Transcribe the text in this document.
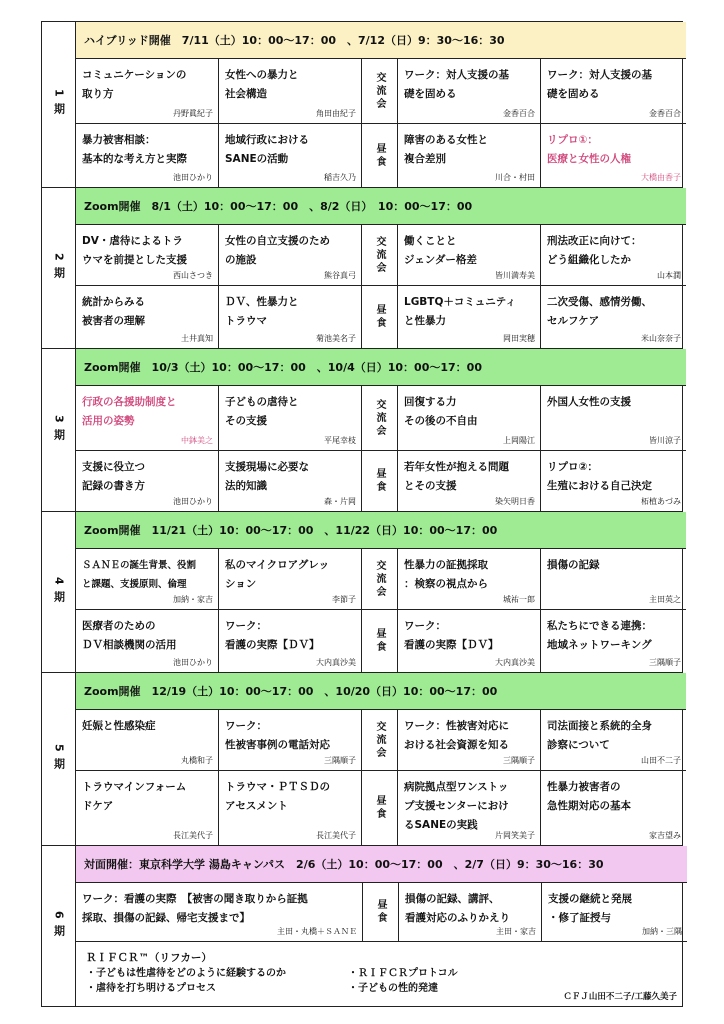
1期
ハイブリッド開催　7/11（土）10：00〜17：00　、7/12（日）9：30〜16：30
コミュニケーションの
取り方
丹野眞紀子
女性への暴力と
社会構造
角田由紀子
交流会 ワーク：対人支援の基
礎を固める
金香百合
ワーク：対人支援の基
礎を固める
金香百合
暴力被害相談：
基本的な考え方と実際
池田ひかり
地域行政における
SANEの活動
稲吉久乃
昼食
障害のある女性と
複合差別
川合・村田
リプロ①：
医療と女性の人権
大橋由香子
2期
Zoom開催　8/1（土）10：00〜17：00　、8/2（日）　10：00〜17：00
DV・虐待によるトラ
ウマを前提とした支援
西山さつき
女性の自立支援のため
の施設
熊谷真弓
交流会 働くことと
ジェンダー格差
皆川満寿美
刑法改正に向けて：
どう組織化したか
山本潤
統計からみる
被害者の理解
土井真知
ＤＶ、性暴力と
トラウマ
菊池美名子
昼食
LGBTQ＋コミュニティ
と性暴力
岡田実穂
二次受傷、感情労働、
セルフケア
米山奈奈子
3期
Zoom開催　10/3（土）10：00〜17：00　、10/4（日）10：00〜17：00
行政の各援助制度と
活用の姿勢
中鉢美之
子どもの虐待と
その支援
平尾幸枝
交流会 回復する力
その後の不自由
上岡陽江
外国人女性の支援
皆川涼子
支援に役立つ
記録の書き方
池田ひかり
支援現場に必要な
法的知識
森・片岡
昼食
若年女性が抱える問題
とその支援
染矢明日香
リプロ②：
生殖における自己決定
柘植あづみ
4期
Zoom開催　11/21（土）10：00〜17：00　、11/22（日）10：00〜17：00
ＳＡＮＥの誕生背景、役割
と課題、支援原則、倫理
加納・家吉
私のマイクロアグレッ
ション
李節子
交流会 性暴力の証拠採取
：検察の視点から
城祐一郎
損傷の記録
主田英之
医療者のための
ＤＶ相談機関の活用
池田ひかり
ワーク：
看護の実際【ＤＶ】
大内真沙美
昼食
ワーク：
看護の実際【ＤＶ】
大内真沙美
私たちにできる連携：
地域ネットワーキング
三隅順子
5期
Zoom開催　12/19（土）10：00〜17：00　、10/20（日）10：00〜17：00
妊娠と性感染症
丸橋和子
ワーク：
性被害事例の電話対応
三隅順子
交流会 ワーク：性被害対応に
おける社会資源を知る
三隅順子
司法面接と系統的全身
診察について
山田不二子
トラウマインフォーム
ドケア
長江美代子
トラウマ・ＰＴＳＤの
アセスメント
長江美代子
昼食
病院拠点型ワンストッ
プ支援センターにおけ
るSANEの実践
片岡笑美子
性暴力被害者の
急性期対応の基本
家吉望み
6期
対面開催：東京科学大学 湯島キャンパス　2/6（土）10：00〜17：00　、2/7（日）9：30〜16：30
ワーク：看護の実際　【被害の聞き取りから証拠
採取、損傷の記録、帰宅支援まで】
主田・丸橋＋ＳＡＮＥ
昼食 損傷の記録、講評、
看護対応のふりかえり
主田・家吉
支援の継続と発展
・修了証授与
加納・三隅
ＲＩＦＣＲ™（リフカー）
・子どもは性虐待をどのように経験するのか	・ＲＩＦＣＲプロトコル
・虐待を打ち明けるプロセス	・子どもの性的発達
ＣＦＪ山田不二子/工藤久美子
